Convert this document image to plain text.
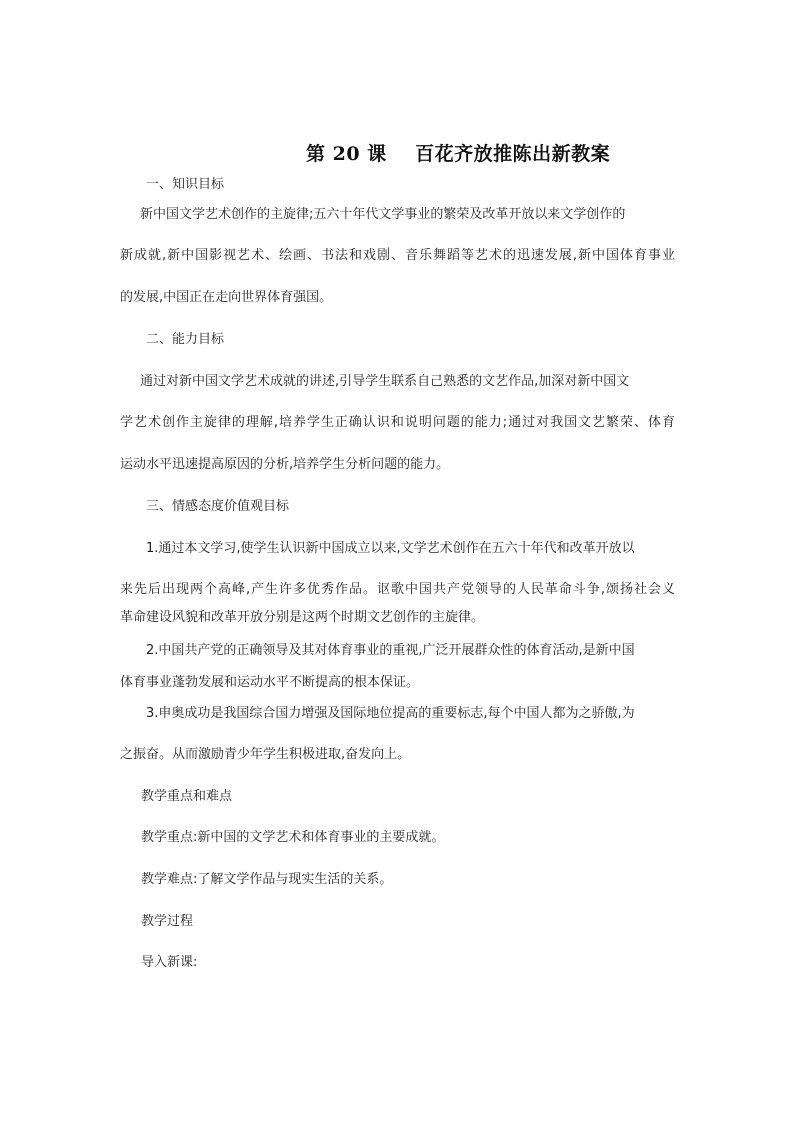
第 20 课    百花齐放推陈出新教案
一、知识目标
新中国文学艺术创作的主旋律;五六十年代文学事业的繁荣及改革开放以来文学创作的
新成就,新中国影视艺术、绘画、书法和戏剧、音乐舞蹈等艺术的迅速发展,新中国体育事业
的发展,中国正在走向世界体育强国。
二、能力目标
通过对新中国文学艺术成就的讲述,引导学生联系自己熟悉的文艺作品,加深对新中国文
学艺术创作主旋律的理解,培养学生正确认识和说明问题的能力;通过对我国文艺繁荣、体育
运动水平迅速提高原因的分析,培养学生分析问题的能力。
三、情感态度价值观目标
1.通过本文学习,使学生认识新中国成立以来,文学艺术创作在五六十年代和改革开放以
来先后出现两个高峰,产生许多优秀作品。讴歌中国共产党领导的人民革命斗争,颂扬社会义
革命建设风貌和改革开放分别是这两个时期文艺创作的主旋律。
2.中国共产党的正确领导及其对体育事业的重视,广泛开展群众性的体育活动,是新中国
体育事业蓬勃发展和运动水平不断提高的根本保证。
3.申奥成功是我国综合国力增强及国际地位提高的重要标志,每个中国人都为之骄傲,为
之振奋。从而激励青少年学生积极进取,奋发向上。
教学重点和难点
教学重点:新中国的文学艺术和体育事业的主要成就。
教学难点:了解文学作品与现实生活的关系。
教学过程
导入新课:
